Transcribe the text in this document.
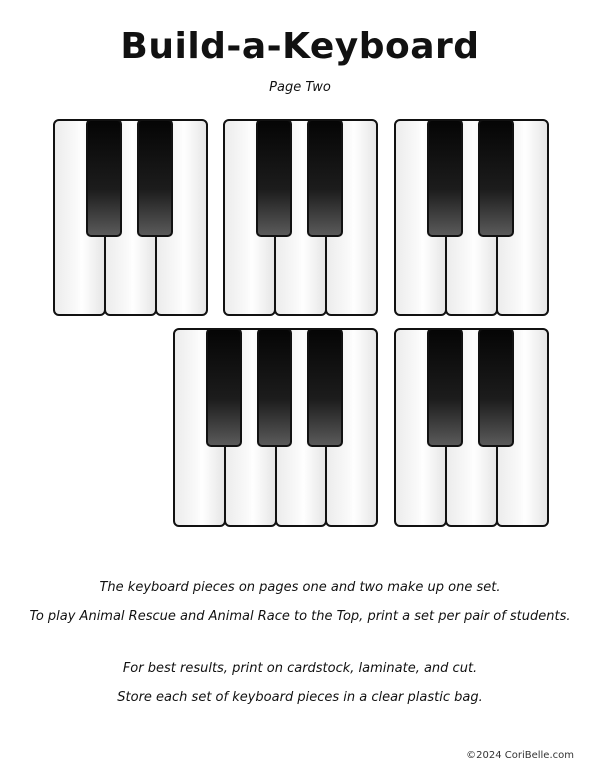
Build-a-Keyboard
Page Two
The keyboard pieces on pages one and two make up one set.
To play Animal Rescue and Animal Race to the Top, print a set per pair of students.
For best results, print on cardstock, laminate, and cut.
Store each set of keyboard pieces in a clear plastic bag.
©2024 CoriBelle.com
